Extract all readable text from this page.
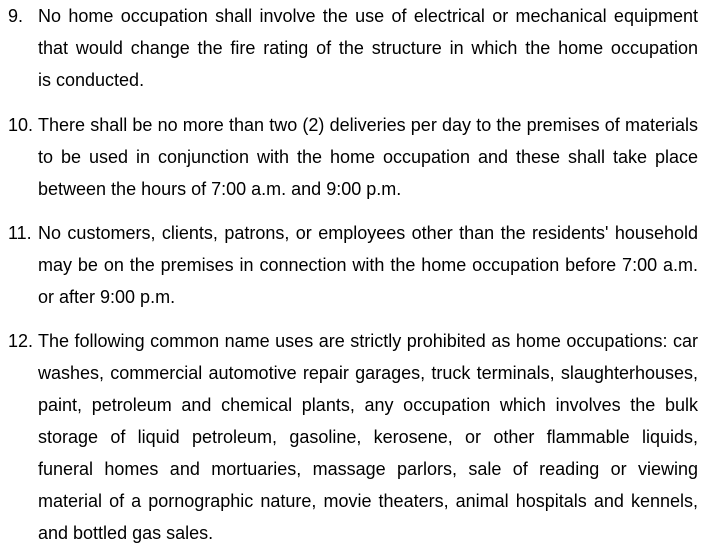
9. No home occupation shall involve the use of electrical or mechanical equipment
that would change the fire rating of the structure in which the home occupation
is conducted.
10. There shall be no more than two (2) deliveries per day to the premises of materials
to be used in conjunction with the home occupation and these shall take place
between the hours of 7:00 a.m. and 9:00 p.m.
11. No customers, clients, patrons, or employees other than the residents' household
may be on the premises in connection with the home occupation before 7:00 a.m.
or after 9:00 p.m.
12. The following common name uses are strictly prohibited as home occupations: car
washes, commercial automotive repair garages, truck terminals, slaughterhouses,
paint, petroleum and chemical plants, any occupation which involves the bulk
storage of liquid petroleum, gasoline, kerosene, or other flammable liquids,
funeral homes and mortuaries, massage parlors, sale of reading or viewing
material of a pornographic nature, movie theaters, animal hospitals and kennels,
and bottled gas sales.
